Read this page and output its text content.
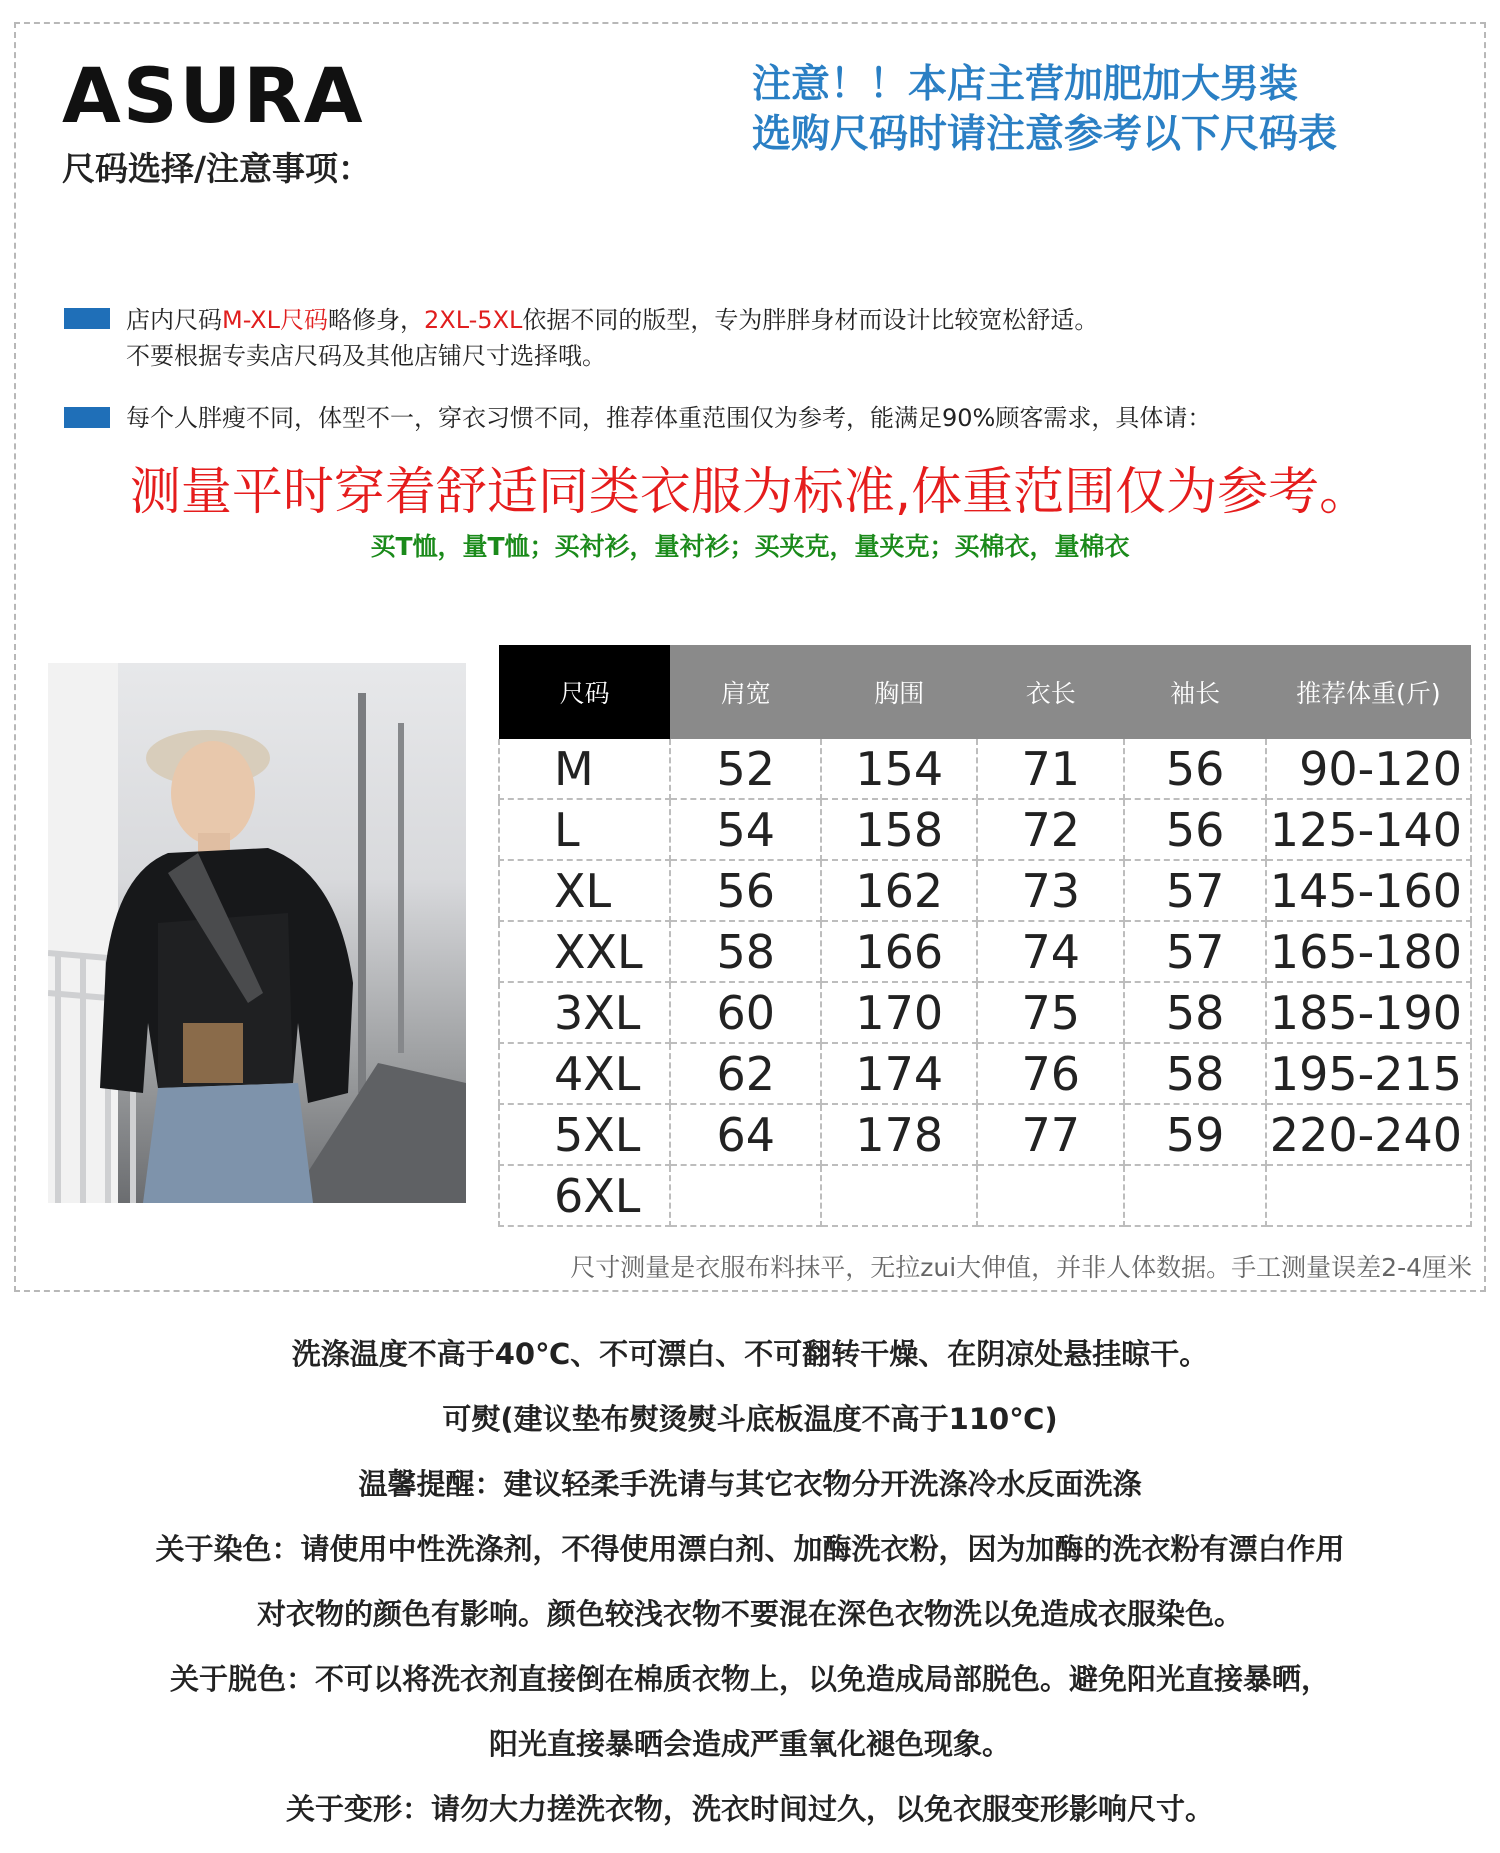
ASURA
尺码选择/注意事项：
注意！！本店主营加肥加大男装
选购尺码时请注意参考以下尺码表
店内尺码M-XL尺码略修身，2XL-5XL依据不同的版型，专为胖胖身材而设计比较宽松舒适。
不要根据专卖店尺码及其他店铺尺寸选择哦。
每个人胖瘦不同，体型不一，穿衣习惯不同，推荐体重范围仅为参考，能满足90%顾客需求，具体请：
测量平时穿着舒适同类衣服为标准,体重范围仅为参考。
买T恤，量T恤；买衬衫，量衬衫；买夹克，量夹克；买棉衣，量棉衣
尺码	肩宽	胸围	衣长	袖长	推荐体重(斤)
M	52	154	71	56	90-120
L	54	158	72	56	125-140
XL	56	162	73	57	145-160
XXL	58	166	74	57	165-180
3XL	60	170	75	58	185-190
4XL	62	174	76	58	195-215
5XL	64	178	77	59	220-240
6XL					
尺寸测量是衣服布料抹平，无拉zui大伸值，并非人体数据。手工测量误差2-4厘米
洗涤温度不高于40℃、不可漂白、不可翻转干燥、在阴凉处悬挂晾干。
可熨(建议垫布熨烫熨斗底板温度不高于110℃)
温馨提醒：建议轻柔手洗请与其它衣物分开洗涤冷水反面洗涤
关于染色：请使用中性洗涤剂，不得使用漂白剂、加酶洗衣粉，因为加酶的洗衣粉有漂白作用
对衣物的颜色有影响。颜色较浅衣物不要混在深色衣物洗以免造成衣服染色。
关于脱色：不可以将洗衣剂直接倒在棉质衣物上，以免造成局部脱色。避免阳光直接暴晒，
阳光直接暴晒会造成严重氧化褪色现象。
关于变形：请勿大力搓洗衣物，洗衣时间过久，以免衣服变形影响尺寸。
